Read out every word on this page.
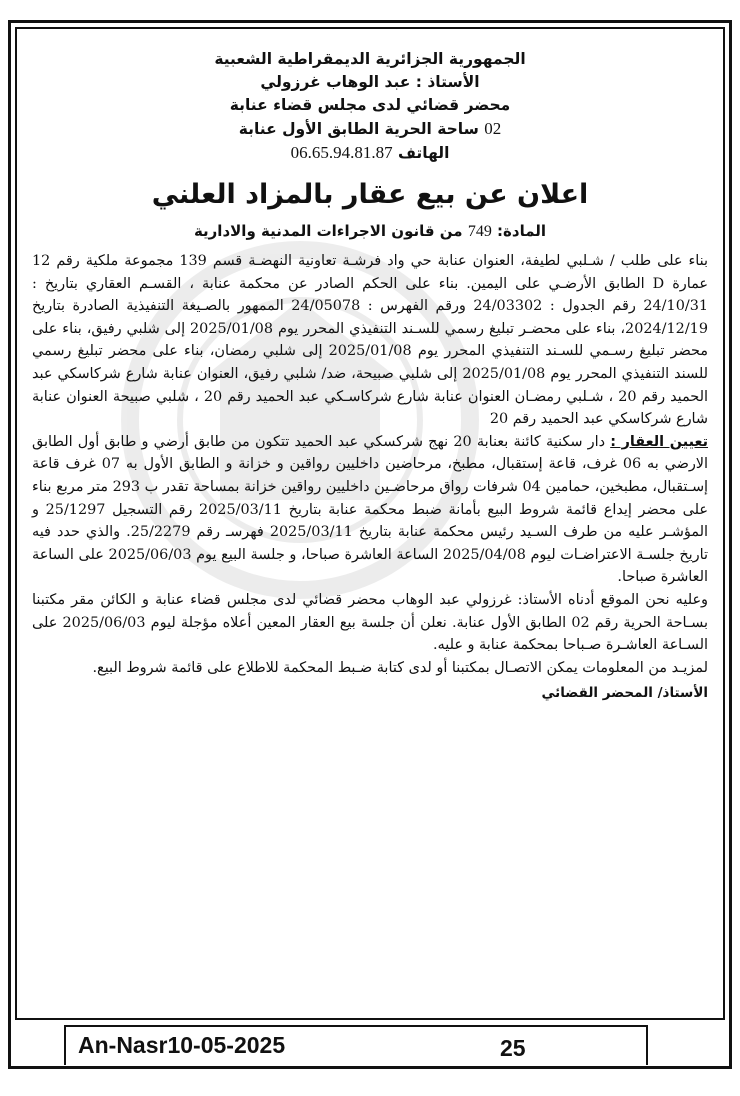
الجمهورية الجزائرية الديمقراطية الشعبية

الأستاذ : عبد الوهاب غرزولي

محضر قضائي لدى مجلس قضاء عنابة

02 ساحة الحرية الطابق الأول عنابة

الهاتف 06.65.94.81.87

اعلان عن بيع عقار بالمزاد العلني

المادة: 749 من قانون الاجراءات المدنية والادارية

بناء على طلب / شـلبي لطيفة، العنوان عنابة حي واد فرشـة تعاونية النهضـة قسم 139 مجموعة ملكية رقم 12 عمارة D الطابق الأرضـي على اليمين. بناء على الحكم الصادر عن محكمة عنابة ، القسـم العقاري بتاريخ : 24/10/31 رقم الجدول : 24/03302 ورقم الفهرس : 24/05078 الممهور بالصـيغة التنفيذية الصادرة بتاريخ 2024/12/19، بناء على محضـر تبليغ رسمي للسـند التنفيذي المحرر يوم 2025/01/08 إلى شلبي رفيق، بناء على محضر تبليغ رسـمي للسـند التنفيذي المحرر يوم 2025/01/08 إلى شلبي رمضان، بناء على محضر تبليغ رسمي للسند التنفيذي المحرر يوم 2025/01/08 إلى شلبي صبيحة، ضد/ شلبي رفيق، العنوان عنابة شارع شركاسكي عبد الحميد رقم 20 ، شـلبي رمضـان العنوان عنابة شارع شركاسـكي عبد الحميد رقم 20 ، شلبي صبيحة العنوان عنابة شارع شركاسكي عبد الحميد رقم 20

تعيين العقار : دار سكنية كائنة بعنابة 20 نهج شركسكي عبد الحميد تتكون من طابق أرضي و طابق أول الطابق الارضي به 06 غرف، قاعة إستقبال، مطبخ، مرحاضين داخليين رواقين و خزانة و الطابق الأول به 07 غرف قاعة إسـتقبال، مطبخين، حمامين 04 شرفات رواق مرحاضـين داخليين رواقين خزانة بمساحة تقدر ب 293 متر مربع بناء على محضر إيداع قائمة شروط البيع بأمانة ضبط محكمة عنابة بتاريخ 2025/03/11 رقم التسجيل 25/1297 و المؤشـر عليه من طرف السـيد رئيس محكمة عنابة بتاريخ 2025/03/11 فهرسـ رقم 25/2279. والذي حدد فيه تاريخ جلسـة الاعتراضـات ليوم 2025/04/08 الساعة العاشرة صباحا، و جلسة البيع يوم 2025/06/03 على الساعة العاشرة صباحا.

وعليه نحن الموقع أدناه الأستاذ: غرزولي عبد الوهاب محضر قضائي لدى مجلس قضاء عنابة و الكائن مقر مكتبنا بسـاحة الحرية رقم 02 الطابق الأول عنابة. نعلن أن جلسة بيع العقار المعين أعلاه مؤجلة ليوم 2025/06/03 على السـاعة العاشـرة صـباحا بمحكمة عنابة و عليه.

لمزيـد من المعلومات يمكن الاتصـال بمكتبنا أو لدى كتابة ضـبط المحكمة للاطلاع على قائمة شروط البيع.

الأستاذ/ المحضر القضائي
An-Nasr10-05-2025	25
